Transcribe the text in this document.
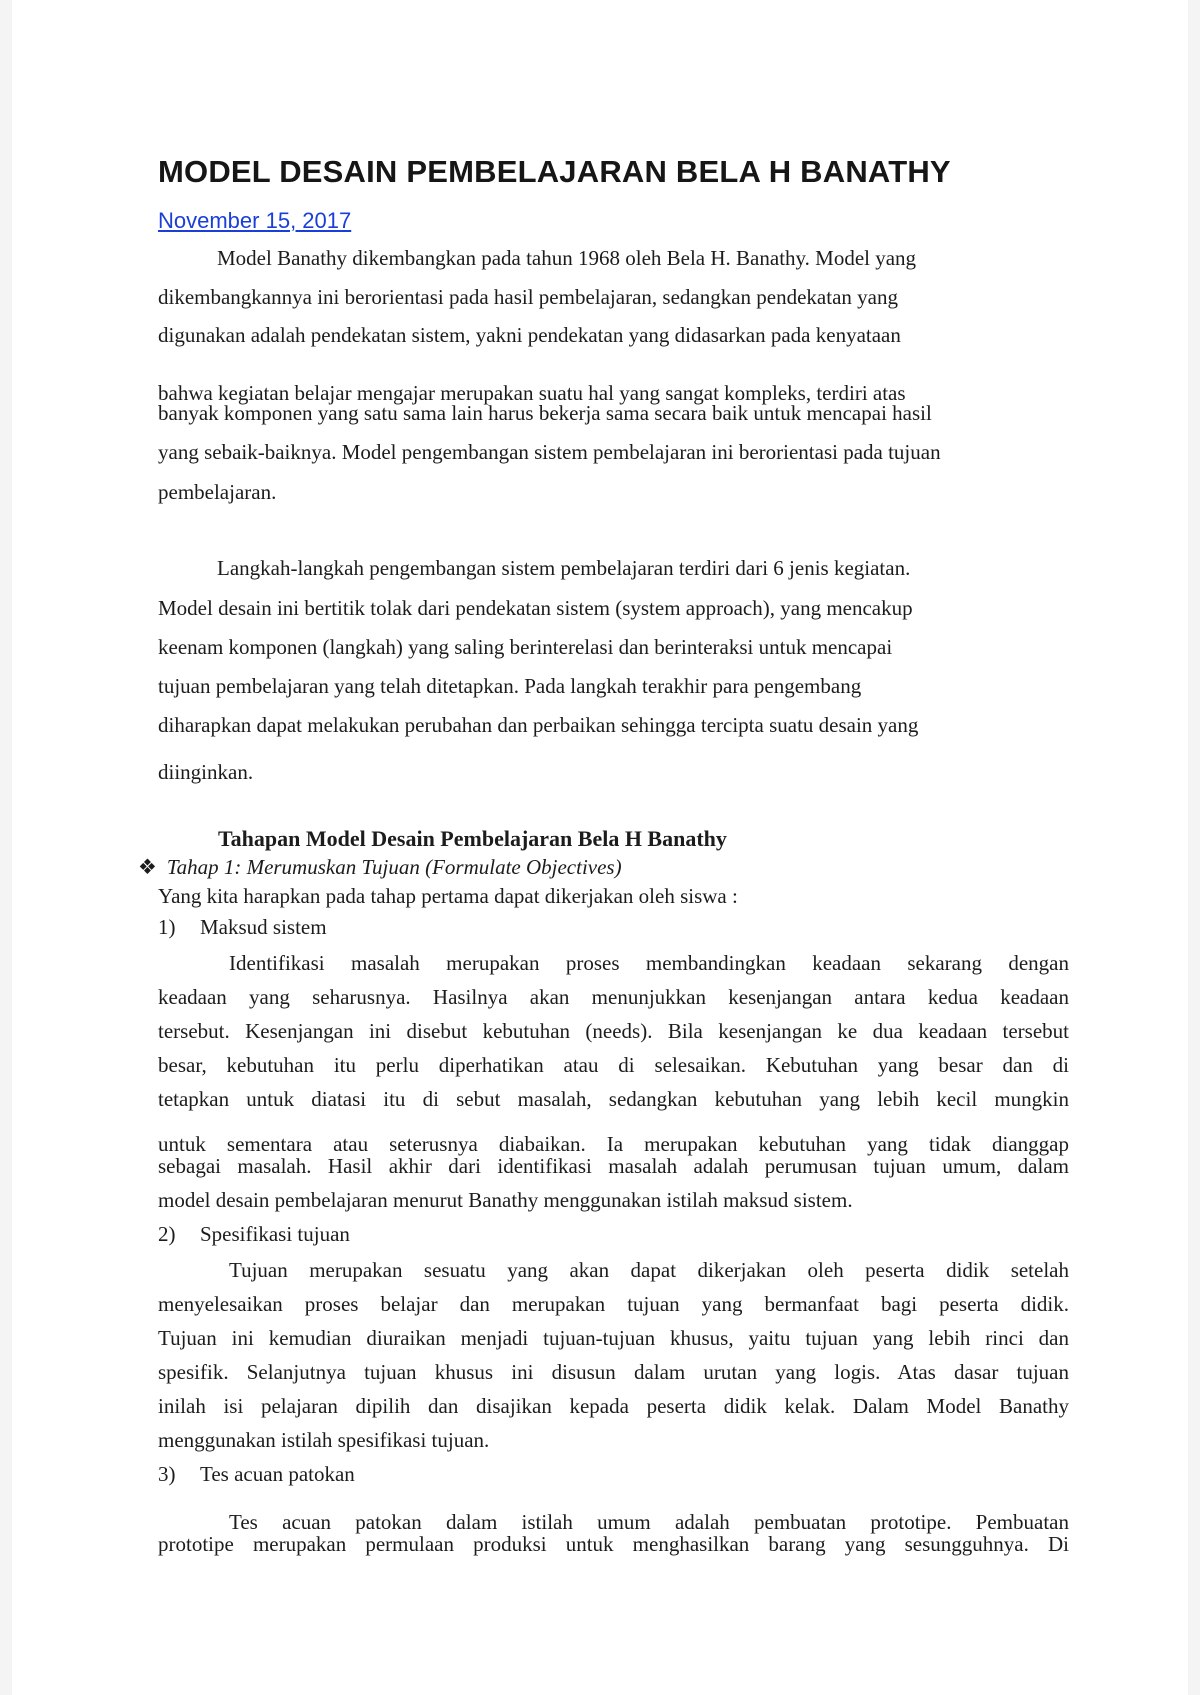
MODEL DESAIN PEMBELAJARAN BELA H BANATHY
November 15, 2017

Model Banathy dikembangkan pada tahun 1968 oleh Bela H. Banathy. Model yang

dikembangkannya ini berorientasi pada hasil pembelajaran, sedangkan pendekatan yang

digunakan adalah pendekatan sistem, yakni pendekatan yang didasarkan pada kenyataan

bahwa kegiatan belajar mengajar merupakan suatu hal yang sangat kompleks, terdiri atas

banyak komponen yang satu sama lain harus bekerja sama secara baik untuk mencapai hasil

yang sebaik-baiknya. Model pengembangan sistem pembelajaran ini berorientasi pada tujuan

pembelajaran.

Langkah-langkah pengembangan sistem pembelajaran terdiri dari 6 jenis kegiatan.

Model desain ini bertitik tolak dari pendekatan sistem (system approach), yang mencakup

keenam komponen (langkah) yang saling berinterelasi dan berinteraksi untuk mencapai

tujuan pembelajaran yang telah ditetapkan. Pada langkah terakhir para pengembang

diharapkan dapat melakukan perubahan dan perbaikan sehingga tercipta suatu desain yang

diinginkan.

Tahapan Model Desain Pembelajaran Bela H Banathy

❖ Tahap 1: Merumuskan Tujuan (Formulate Objectives)

Yang kita harapkan pada tahap pertama dapat dikerjakan oleh siswa :

1) Maksud sistem

Identifikasi masalah merupakan proses membandingkan keadaan sekarang dengan

keadaan yang seharusnya. Hasilnya akan menunjukkan kesenjangan antara kedua keadaan

tersebut. Kesenjangan ini disebut kebutuhan (needs). Bila kesenjangan ke dua keadaan tersebut

besar, kebutuhan itu perlu diperhatikan atau di selesaikan. Kebutuhan yang besar dan di

tetapkan untuk diatasi itu di sebut masalah, sedangkan kebutuhan yang lebih kecil mungkin

untuk sementara atau seterusnya diabaikan. Ia merupakan kebutuhan yang tidak dianggap

sebagai masalah. Hasil akhir dari identifikasi masalah adalah perumusan tujuan umum, dalam

model desain pembelajaran menurut Banathy menggunakan istilah maksud sistem.

2) Spesifikasi tujuan

Tujuan merupakan sesuatu yang akan dapat dikerjakan oleh peserta didik setelah

menyelesaikan proses belajar dan merupakan tujuan yang bermanfaat bagi peserta didik.

Tujuan ini kemudian diuraikan menjadi tujuan-tujuan khusus, yaitu tujuan yang lebih rinci dan

spesifik. Selanjutnya tujuan khusus ini disusun dalam urutan yang logis. Atas dasar tujuan

inilah isi pelajaran dipilih dan disajikan kepada peserta didik kelak. Dalam Model Banathy

menggunakan istilah spesifikasi tujuan.

3) Tes acuan patokan

Tes acuan patokan dalam istilah umum adalah pembuatan prototipe. Pembuatan

prototipe merupakan permulaan produksi untuk menghasilkan barang yang sesungguhnya. Di
